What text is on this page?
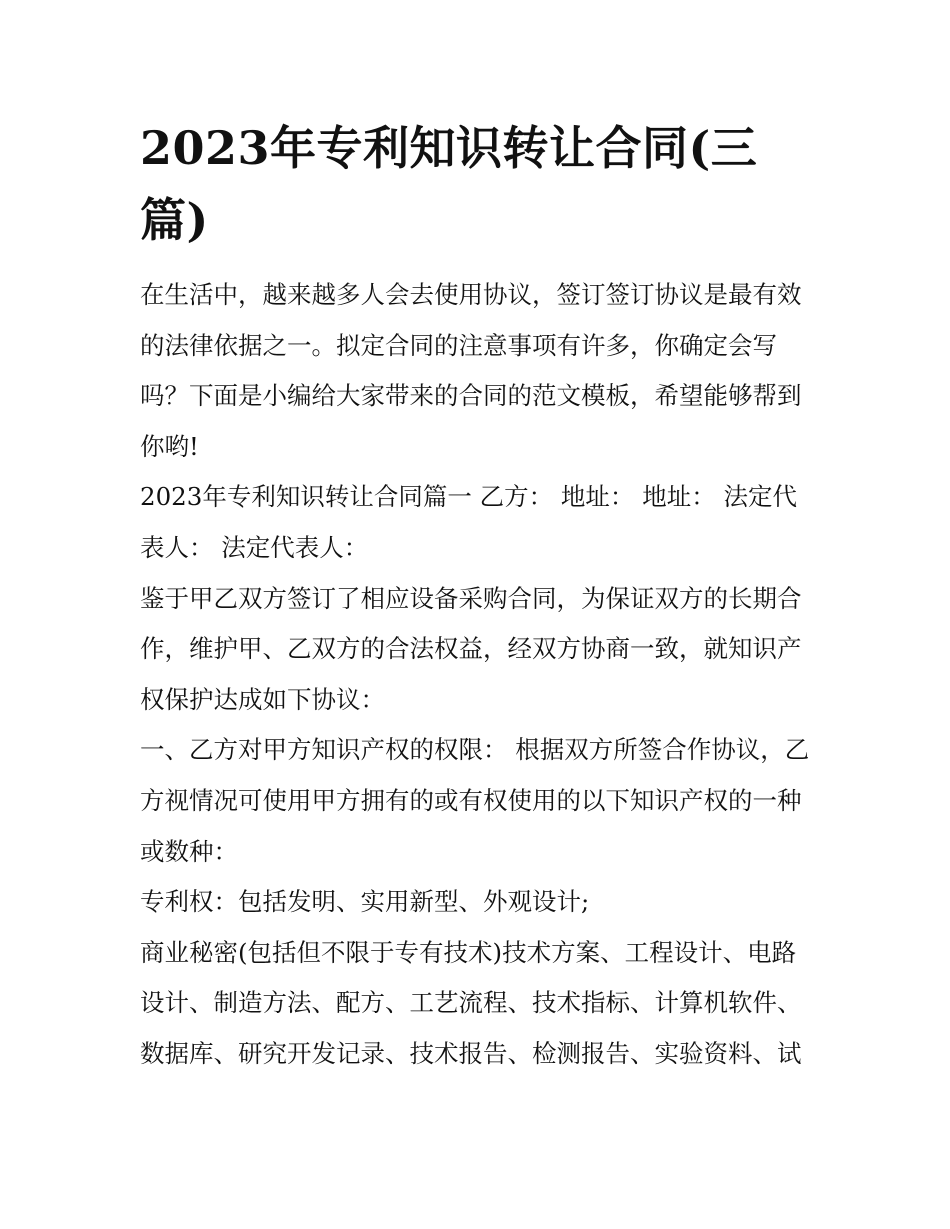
2023年专利知识转让合同(三篇)

在生活中，越来越多人会去使用协议，签订签订协议是最有效的法律依据之一。拟定合同的注意事项有许多，你确定会写吗？下面是小编给大家带来的合同的范文模板，希望能够帮到你哟!

2023年专利知识转让合同篇一 乙方： 地址： 地址： 法定代表人： 法定代表人：

鉴于甲乙双方签订了相应设备采购合同，为保证双方的长期合作，维护甲、乙双方的合法权益，经双方协商一致，就知识产权保护达成如下协议：

一、乙方对甲方知识产权的权限： 根据双方所签合作协议，乙方视情况可使用甲方拥有的或有权使用的以下知识产权的一种或数种：

专利权：包括发明、实用新型、外观设计;

商业秘密(包括但不限于专有技术)技术方案、工程设计、电路设计、制造方法、配方、工艺流程、技术指标、计算机软件、数据库、研究开发记录、技术报告、检测报告、实验资料、试
